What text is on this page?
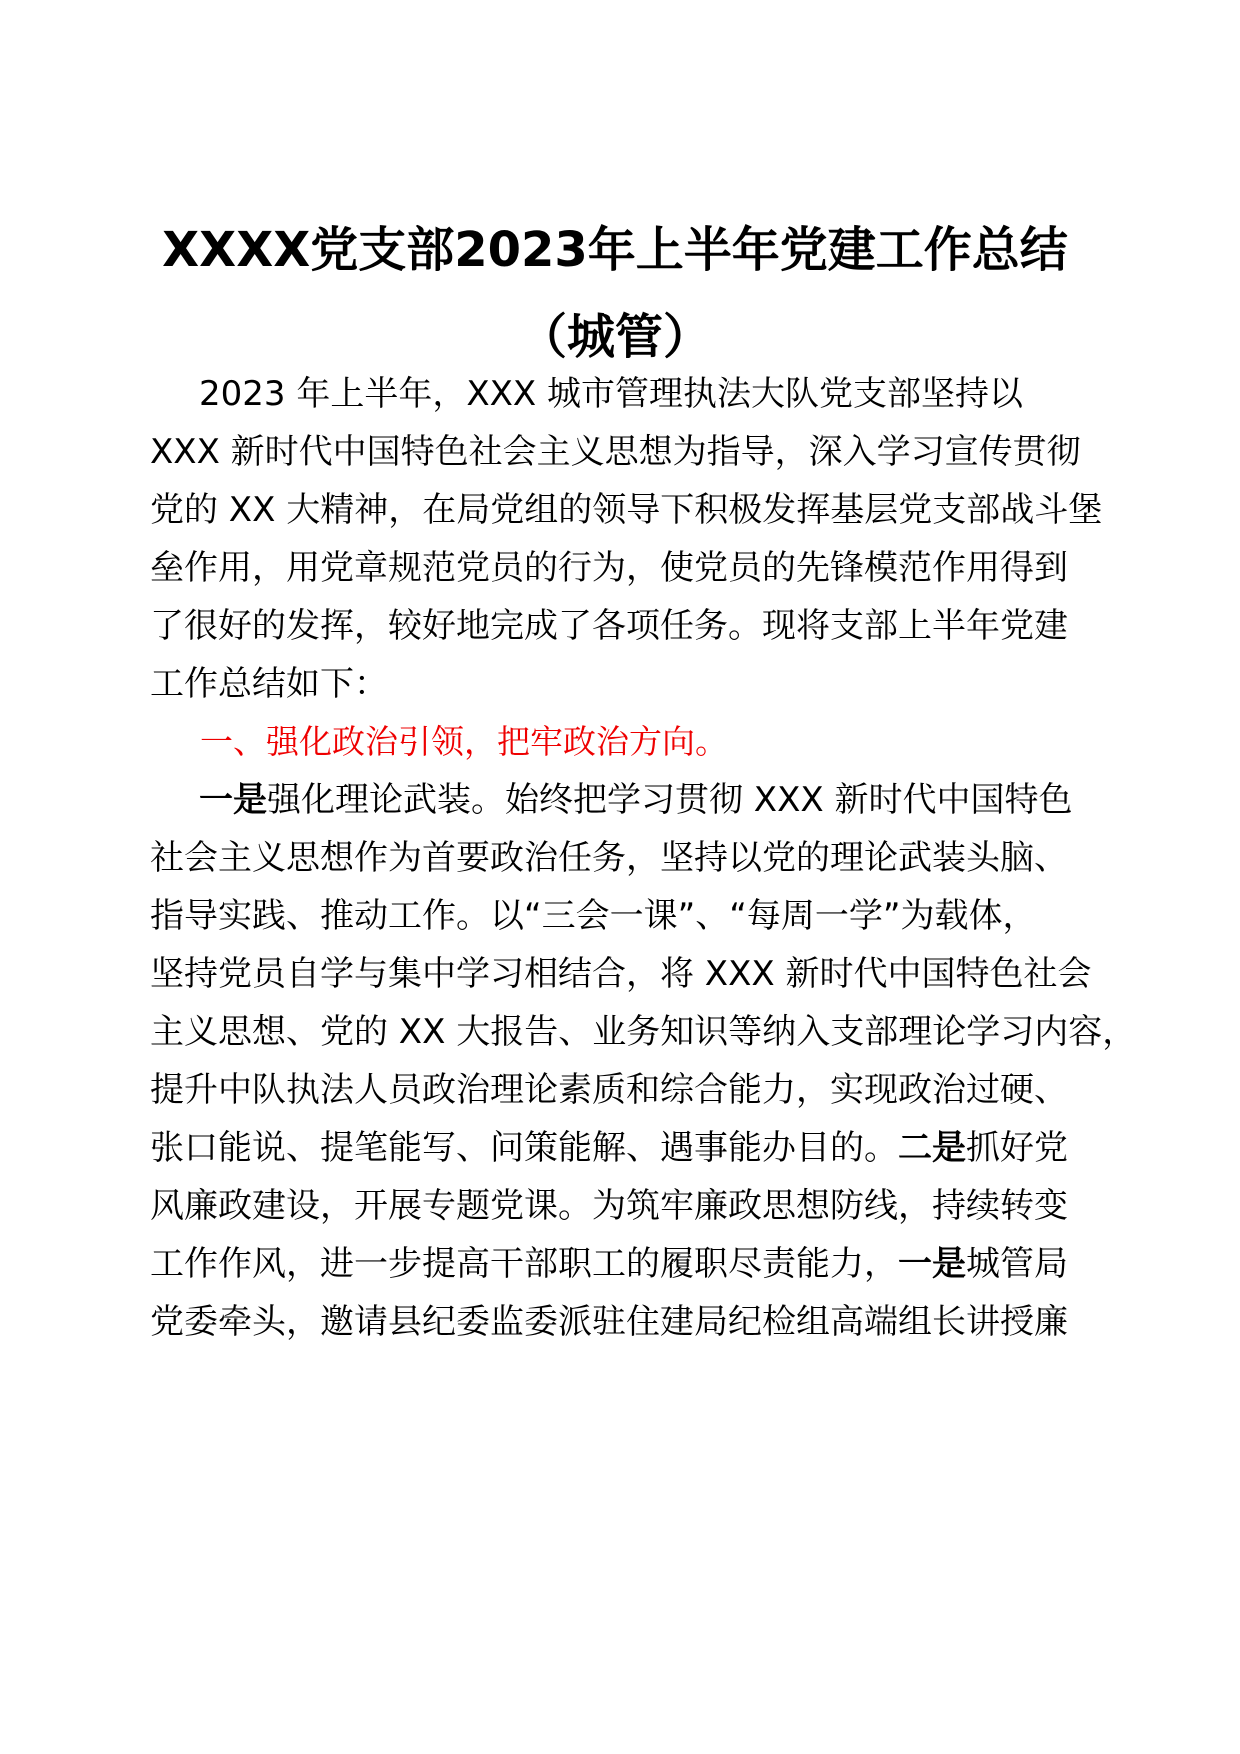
XXXX党支部2023年上半年党建工作总结
（城管）
2023 年上半年，XXX 城市管理执法大队党支部坚持以
XXX 新时代中国特色社会主义思想为指导，深入学习宣传贯彻
党的 XX 大精神，在局党组的领导下积极发挥基层党支部战斗堡
垒作用，用党章规范党员的行为，使党员的先锋模范作用得到
了很好的发挥，较好地完成了各项任务。现将支部上半年党建
工作总结如下：
一、强化政治引领，把牢政治方向。
一是强化理论武装。始终把学习贯彻 XXX 新时代中国特色
社会主义思想作为首要政治任务，坚持以党的理论武装头脑、
指导实践、推动工作。以“三会一课”、“每周一学”为载体，
坚持党员自学与集中学习相结合，将 XXX 新时代中国特色社会
主义思想、党的 XX 大报告、业务知识等纳入支部理论学习内容，
提升中队执法人员政治理论素质和综合能力，实现政治过硬、
张口能说、提笔能写、问策能解、遇事能办目的。二是抓好党
风廉政建设，开展专题党课。为筑牢廉政思想防线，持续转变
工作作风，进一步提高干部职工的履职尽责能力，一是城管局
党委牵头，邀请县纪委监委派驻住建局纪检组高端组长讲授廉
